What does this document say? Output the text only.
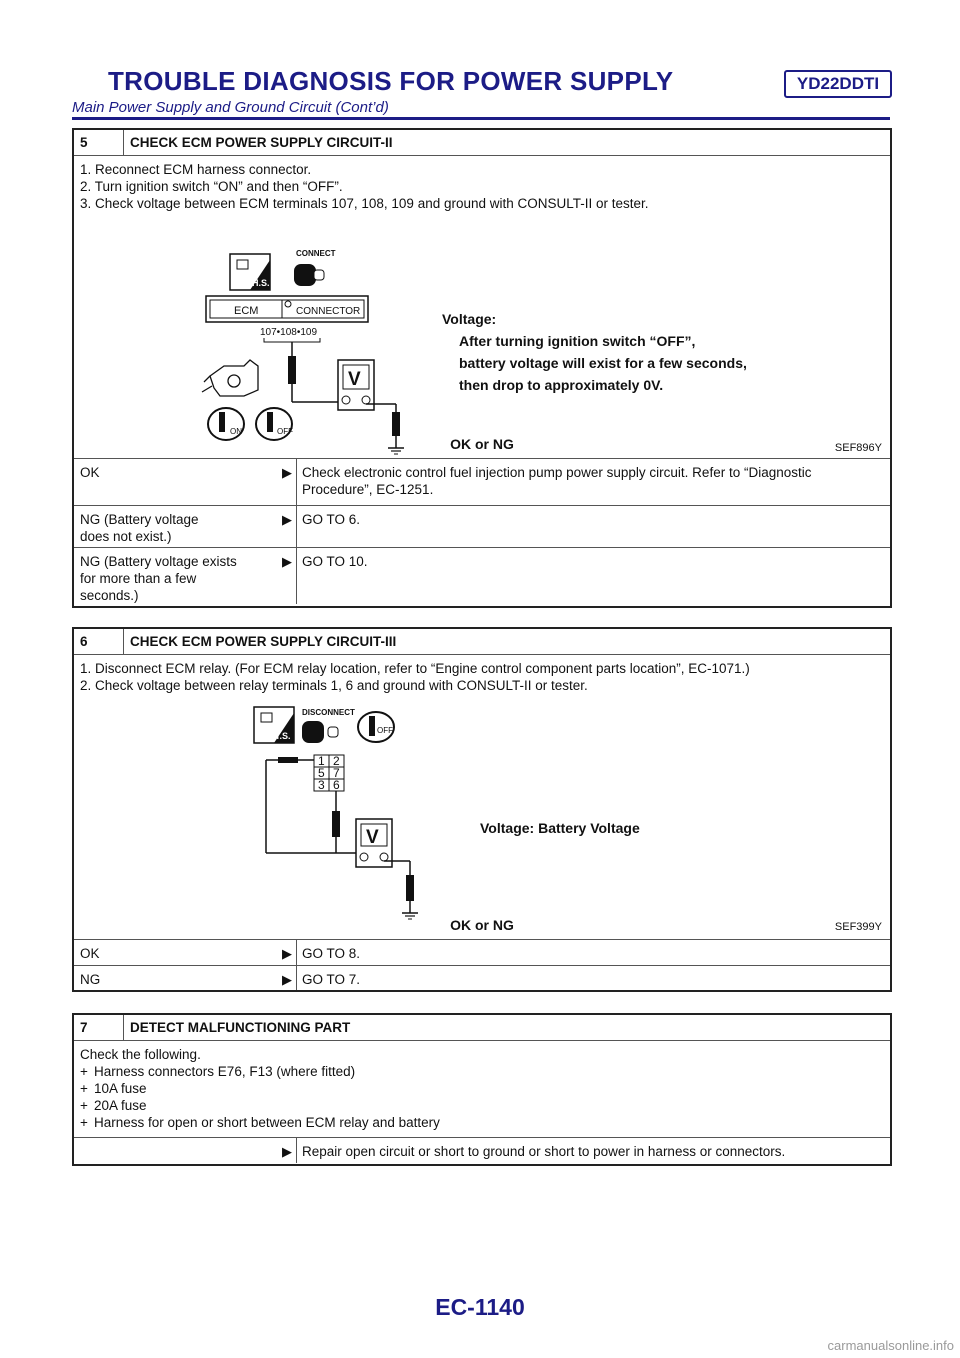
TROUBLE DIAGNOSIS FOR POWER SUPPLY	YD22DDTI
Main Power Supply and Ground Circuit (Cont’d)
5	CHECK ECM POWER SUPPLY CIRCUIT-II
1. Reconnect ECM harness connector.
2. Turn ignition switch “ON” and then “OFF”.
3. Check voltage between ECM terminals 107, 108, 109 and ground with CONSULT-II or tester.
H.S.
CONNECT
ECM	CONNECTOR
107•108•109
V
ON	OFF
Voltage:
After turning ignition switch “OFF”,
battery voltage will exist for a few seconds,
then drop to approximately 0V.
SEF896Y
OK or NG
OK	▶ Check electronic control fuel injection pump power supply circuit. Refer to “Diagnostic Procedure”, EC-1251.
NG (Battery voltage does not exist.)
▶ GO TO 6.
NG (Battery voltage exists for more than a few seconds.)
▶ GO TO 10.
6	CHECK ECM POWER SUPPLY CIRCUIT-III
1. Disconnect ECM relay. (For ECM relay location, refer to “Engine control component parts location”, EC-1071.)
2. Check voltage between relay terminals 1, 6 and ground with CONSULT-II or tester.
T.S.
DISCONNECT
OFF
1 2
5 7
3 6
V	Voltage: Battery Voltage
SEF399Y
OK or NG
OK	▶ GO TO 8.
NG	▶ GO TO 7.
7	DETECT MALFUNCTIONING PART
Check the following.
+ Harness connectors E76, F13 (where fitted)
+ 10A fuse
+ 20A fuse
+ Harness for open or short between ECM relay and battery
▶ Repair open circuit or short to ground or short to power in harness or connectors.
EC-1140
carmanualsonline.info
